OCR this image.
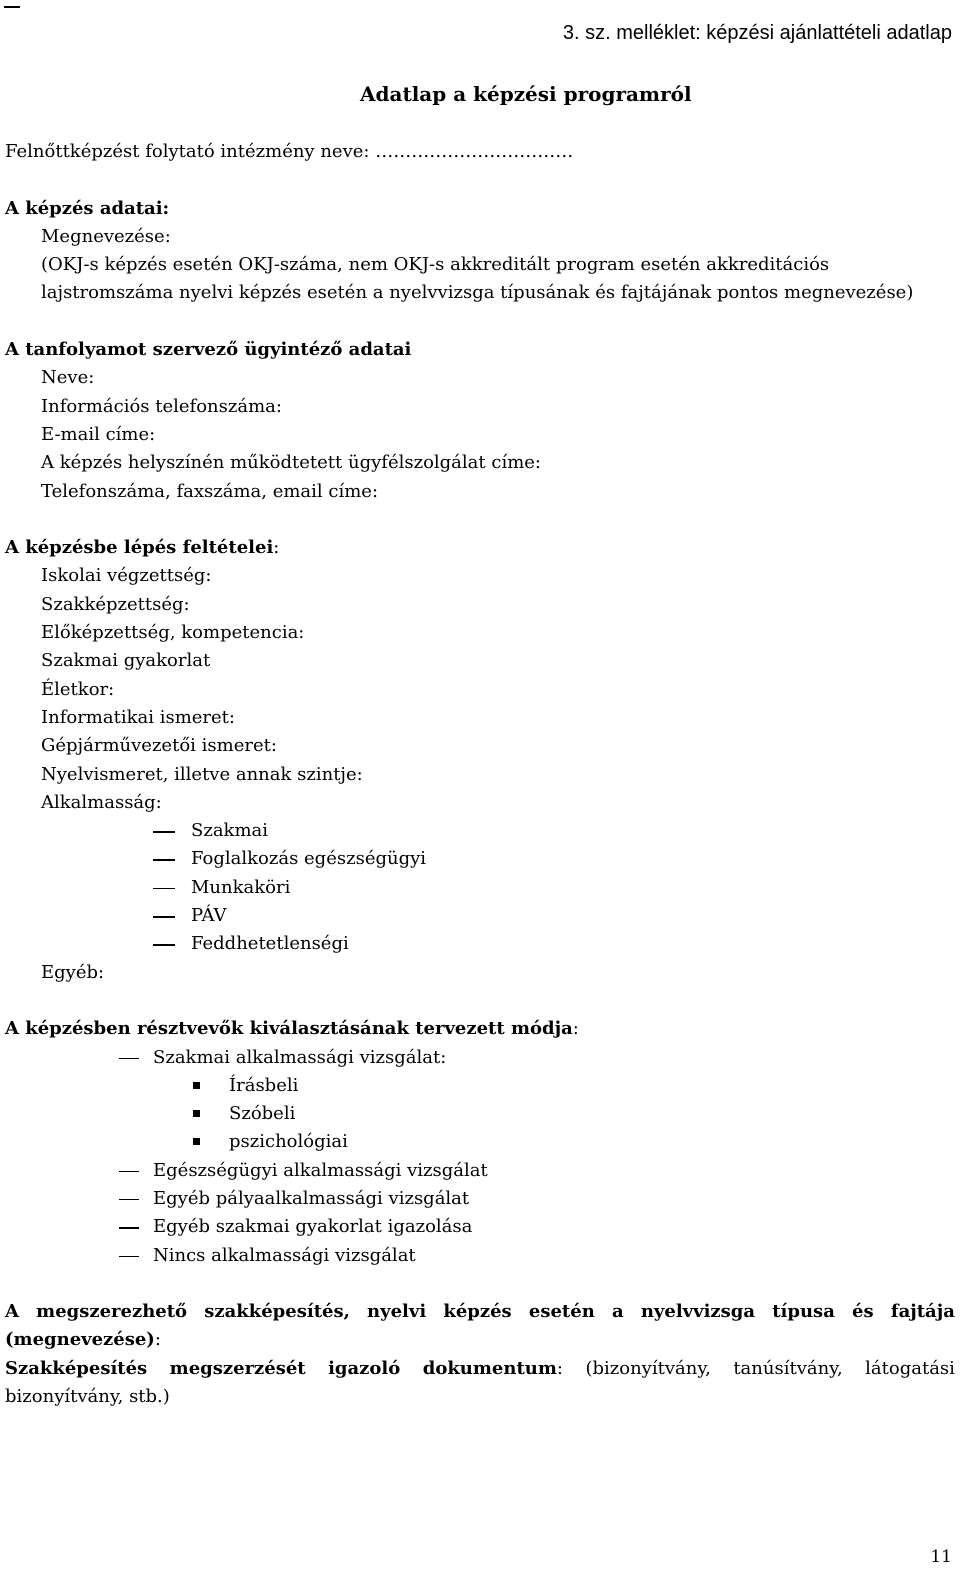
3. sz. melléklet: képzési ajánlattételi adatlap
Adatlap a képzési programról
Felnőttképzést folytató intézmény neve: ……………………………
A képzés adatai:
Megnevezése:
(OKJ-s képzés esetén OKJ-száma, nem OKJ-s akkreditált program esetén akkreditációs
lajstromszáma nyelvi képzés esetén a nyelvvizsga típusának és fajtájának pontos megnevezése)
A tanfolyamot szervező ügyintéző adatai
Neve:
Információs telefonszáma:
E-mail címe:
A képzés helyszínén működtetett ügyfélszolgálat címe:
Telefonszáma, faxszáma, email címe:
A képzésbe lépés feltételei:
Iskolai végzettség:
Szakképzettség:
Előképzettség, kompetencia:
Szakmai gyakorlat
Életkor:
Informatikai ismeret:
Gépjárművezetői ismeret:
Nyelvismeret, illetve annak szintje:
Alkalmasság:
Szakmai
Foglalkozás egészségügyi
Munkaköri
PÁV
Feddhetetlenségi
Egyéb:
A képzésben résztvevők kiválasztásának tervezett módja:
Szakmai alkalmassági vizsgálat:
Írásbeli
Szóbeli
pszichológiai
Egészségügyi alkalmassági vizsgálat
Egyéb pályaalkalmassági vizsgálat
Egyéb szakmai gyakorlat igazolása
Nincs alkalmassági vizsgálat
A megszerezhető szakképesítés, nyelvi képzés esetén a nyelvvizsga típusa és fajtája
(megnevezése):
Szakképesítés megszerzését igazoló dokumentum: (bizonyítvány, tanúsítvány, látogatási
bizonyítvány, stb.)
11
